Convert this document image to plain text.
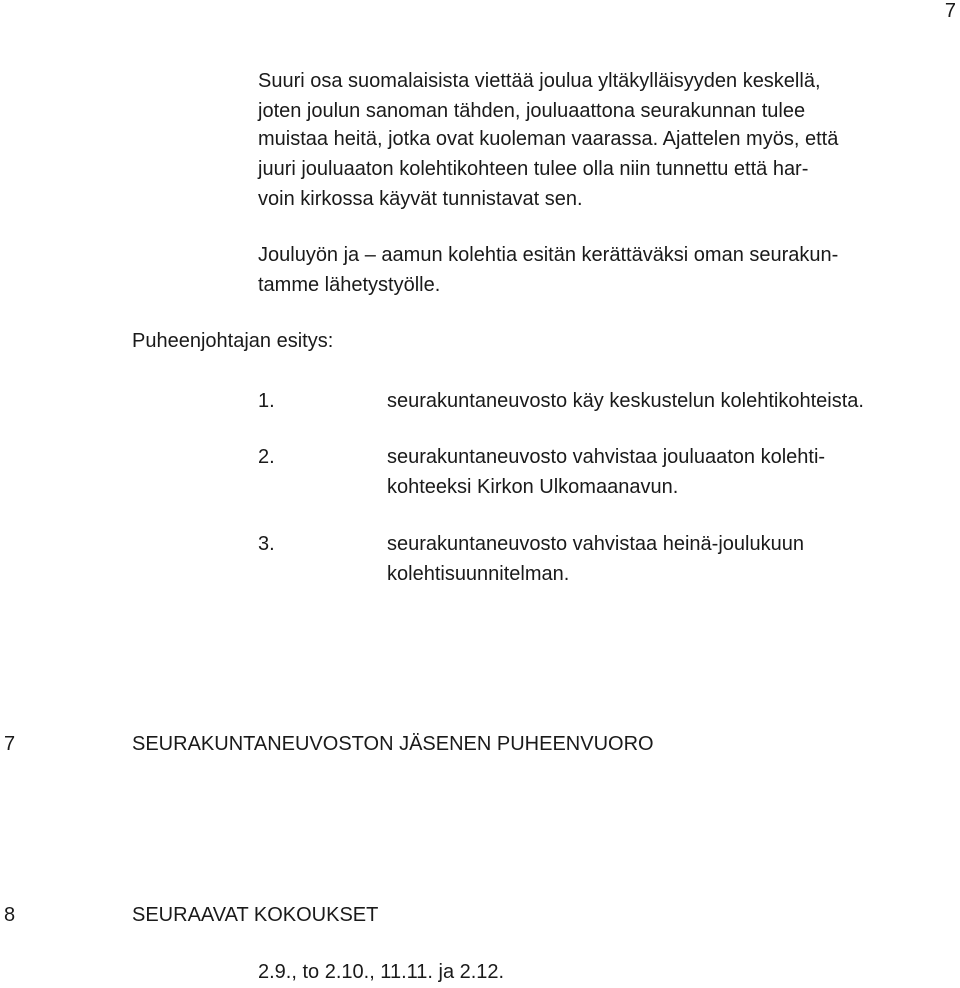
7
Suuri osa suomalaisista viettää joulua yltäkylläisyyden keskellä,
joten joulun sanoman tähden, jouluaattona seurakunnan tulee
muistaa heitä, jotka ovat kuoleman vaarassa. Ajattelen myös, että
juuri jouluaaton kolehtikohteen tulee olla niin tunnettu että har-
voin kirkossa käyvät tunnistavat sen.
Jouluyön ja – aamun kolehtia esitän kerättäväksi oman seurakun-
tamme lähetystyölle.
Puheenjohtajan esitys:
1.	seurakuntaneuvosto käy keskustelun kolehtikohteista.
2.	seurakuntaneuvosto vahvistaa jouluaaton kolehti-
kohteeksi Kirkon Ulkomaanavun.
3.	seurakuntaneuvosto vahvistaa heinä-joulukuun
kolehtisuunnitelman.
7	SEURAKUNTANEUVOSTON JÄSENEN PUHEENVUORO
8	SEURAAVAT KOKOUKSET
2.9., to 2.10., 11.11. ja 2.12.
